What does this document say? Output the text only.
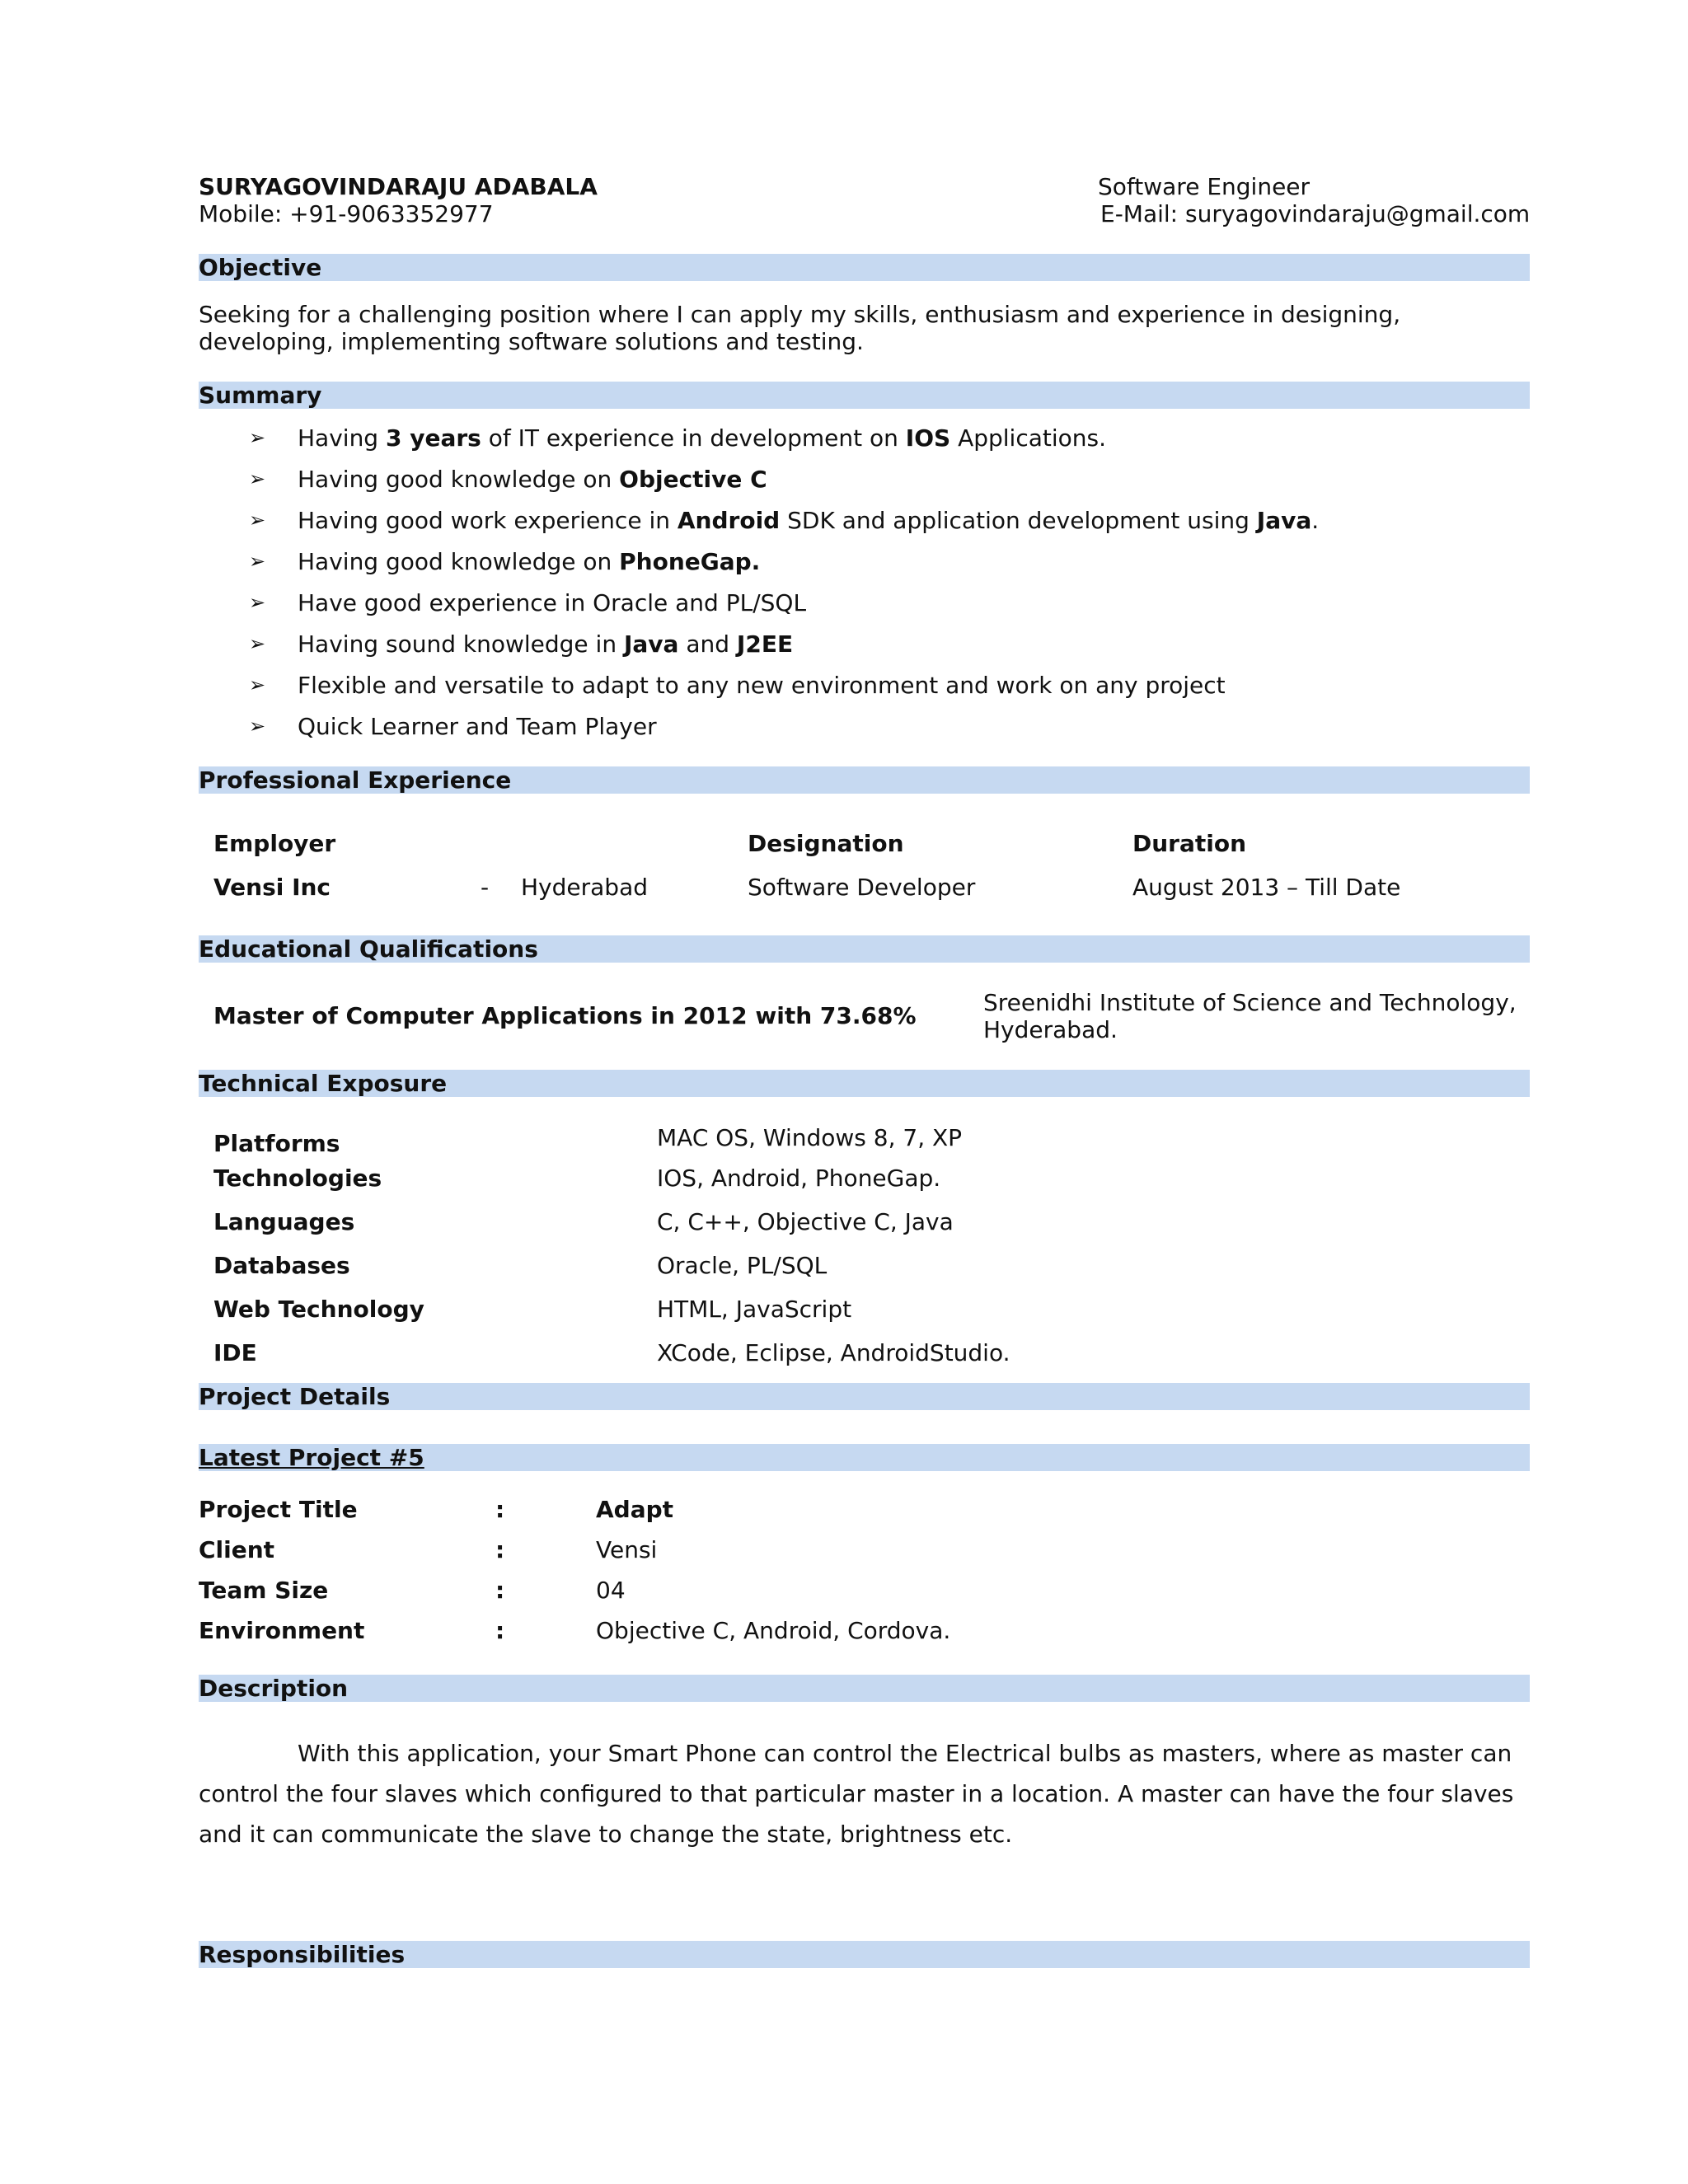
SURYAGOVINDARAJU ADABALA
Mobile: +91-9063352977
Software Engineer
E-Mail: suryagovindaraju@gmail.com
Objective
Seeking for a challenging position where I can apply my skills, enthusiasm and experience in designing, developing, implementing software solutions and testing.
Summary
➢ Having 3 years of IT experience in development on IOS Applications.
➢ Having good knowledge on Objective C
➢ Having good work experience in Android SDK and application development using Java.
➢ Having good knowledge on PhoneGap.
➢ Have good experience in Oracle and PL/SQL
➢ Having sound knowledge in Java and J2EE
➢ Flexible and versatile to adapt to any new environment and work on any project
➢ Quick Learner and Team Player
Professional Experience
Employer	Designation	Duration
Vensi Inc	- Hyderabad	Software Developer	August 2013 – Till Date
Educational Qualifications
Master of Computer Applications in 2012 with 73.68%	Sreenidhi Institute of Science and Technology,
Hyderabad.
Technical Exposure
Platforms	MAC OS, Windows 8, 7, XP
Technologies	IOS, Android, PhoneGap.
Languages	C, C++, Objective C, Java
Databases	Oracle, PL/SQL
Web Technology	HTML, JavaScript
IDE	XCode, Eclipse, AndroidStudio.
Project Details
Latest Project #5
Project Title	:	Adapt
Client	:	Vensi
Team Size	:	04
Environment	:	Objective C, Android, Cordova.
Description
With this application, your Smart Phone can control the Electrical bulbs as masters, where as master can control the four slaves which configured to that particular master in a location. A master can have the four slaves and it can communicate the slave to change the state, brightness etc.
Responsibilities
